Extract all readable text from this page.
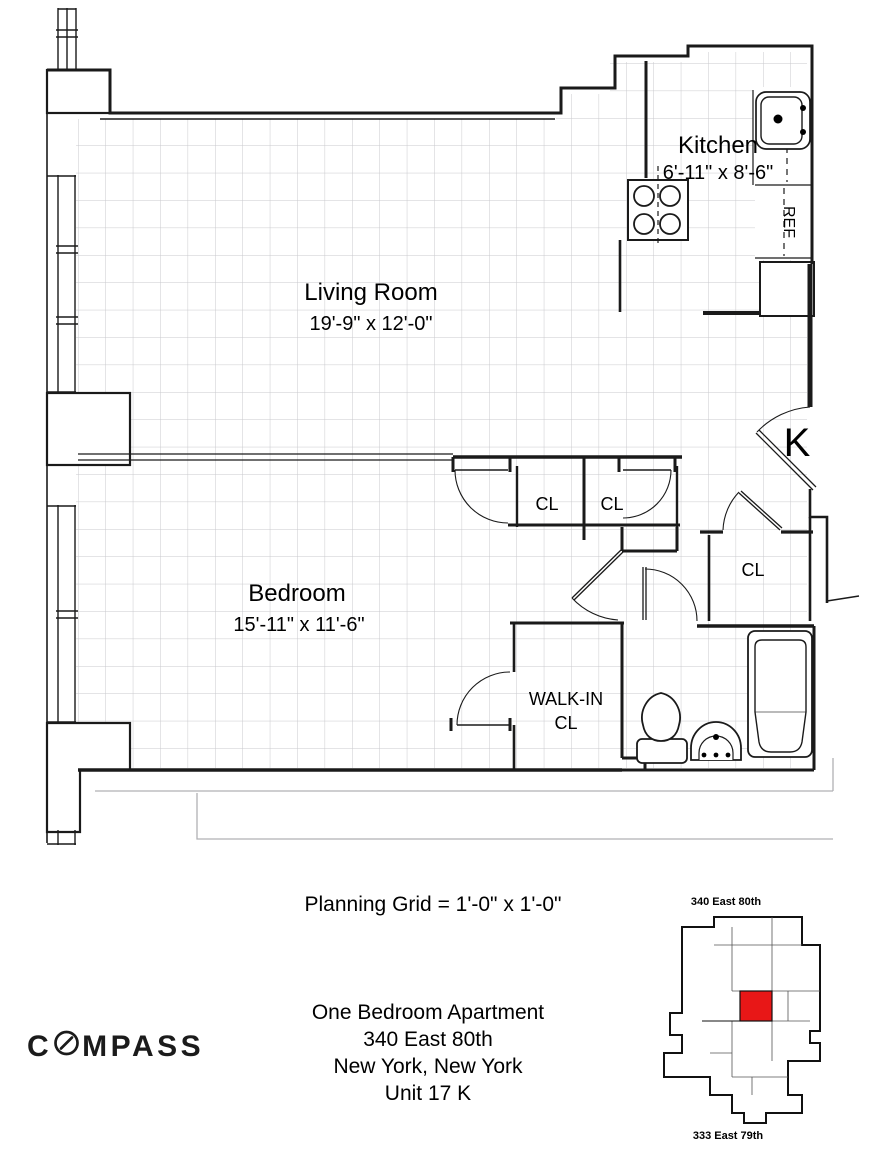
Kitchen
6'-11" x 8'-6"
Living Room
19'-9" x 12'-0"
Bedroom
15'-11" x 11'-6"
CL CL
CL
WALK-IN
CL
REF
K
Planning Grid = 1'-0" x 1'-0"
C MPASS
One Bedroom Apartment
340 East 80th
New York, New York
Unit 17 K
340 East 80th
333 East 79th
